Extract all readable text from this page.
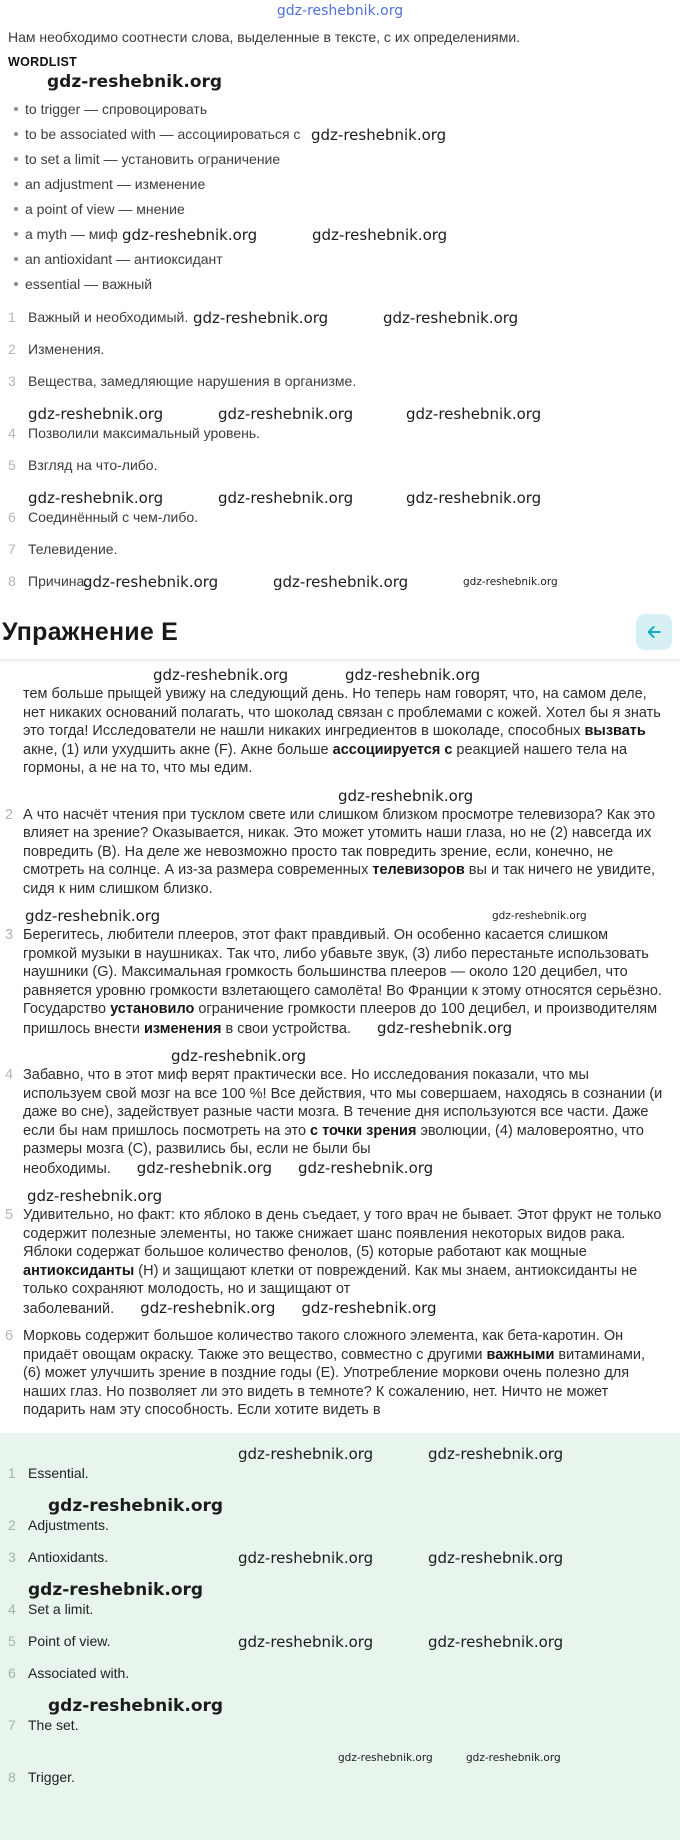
gdz-reshebnik.org

Нам необходимо соотнести слова, выделенные в тексте, с их определениями.

WORDLIST
gdz-reshebnik.org
to trigger — спровоцировать
to be associated with — ассоциироваться с gdz-reshebnik.org
to set a limit — установить ограничение
an adjustment — изменение
a point of view — мнение
a myth — миф gdz-reshebnik.org	gdz-reshebnik.org
an antioxidant — антиоксидант
essential — важный
1 Важный и необходимый. gdz-reshebnik.org	gdz-reshebnik.org
2 Изменения.
3 Вещества, замедляющие нарушения в организме.
gdz-reshebnik.org	gdz-reshebnik.org	gdz-reshebnik.org
4 Позволили максимальный уровень.
5 Взгляд на что-либо.
gdz-reshebnik.org	gdz-reshebnik.org	gdz-reshebnik.org
6 Соединённый с чем-либо.
7 Телевидение.
8 Причина.
gdz-reshebnik.org	gdz-reshebnik.org	gdz-reshebnik.org
Упражнение E
gdz-reshebnik.org	gdz-reshebnik.org
тем больше прыщей увижу на следующий день. Но теперь нам говорят, что, на самом деле, нет никаких оснований полагать, что шоколад связан с проблемами с кожей. Хотел бы я знать это тогда! Исследователи не нашли никаких ингредиентов в шоколаде, способных вызвать акне, (1) или ухудшить акне (F). Акне больше ассоциируется с реакцией нашего тела на гормоны, а не на то, что мы едим.
gdz-reshebnik.org
2 А что насчёт чтения при тусклом свете или слишком близком просмотре телевизора? Как это влияет на зрение? Оказывается, никак. Это может утомить наши глаза, но не (2) навсегда их повредить (B). На деле же невозможно просто так повредить зрение, если, конечно, не смотреть на солнце. А из-за размера современных телевизоров вы и так ничего не увидите, сидя к ним слишком близко.
gdz-reshebnik.org	gdz-reshebnik.org
3 Берегитесь, любители плееров, этот факт правдивый. Он особенно касается слишком громкой музыки в наушниках. Так что, либо убавьте звук, (3) либо перестаньте использовать наушники (G). Максимальная громкость большинства плееров — около 120 децибел, что равняется уровню громкости взлетающего самолёта! Во Франции к этому относятся серьёзно. Государство установило ограничение громкости плееров до 100 децибел, и производителям пришлось внести изменения в свои устройства. gdz-reshebnik.org
gdz-reshebnik.org
4 Забавно, что в этот миф верят практически все. Но исследования показали, что мы используем свой мозг на все 100 %! Все действия, что мы совершаем, находясь в сознании (и даже во сне), задействует разные части мозга. В течение дня используются все части. Даже если бы нам пришлось посмотреть на это с точки зрения эволюции, (4) маловероятно, что размеры мозга (C), развились бы, если не были бы необходимы. gdz-reshebnik.org gdz-reshebnik.org
gdz-reshebnik.org
5 Удивительно, но факт: кто яблоко в день съедает, у того врач не бывает. Этот фрукт не только содержит полезные элементы, но также снижает шанс появления некоторых видов рака. Яблоки содержат большое количество фенолов, (5) которые работают как мощные антиоксиданты (H) и защищают клетки от повреждений. Как мы знаем, антиоксиданты не только сохраняют молодость, но и защищают от заболеваний. gdz-reshebnik.org gdz-reshebnik.org
6 Морковь содержит большое количество такого сложного элемента, как бета-каротин. Он придаёт овощам окраску. Также это вещество, совместно с другими важными витаминами, (6) может улучшить зрение в поздние годы (E). Употребление моркови очень полезно для наших глаз. Но позволяет ли это видеть в темноте? К сожалению, нет. Ничто не может подарить нам эту способность. Если хотите видеть в
gdz-reshebnik.org	gdz-reshebnik.org
1 Essential.
gdz-reshebnik.org
2 Adjustments.
3 Antioxidants.	gdz-reshebnik.org	gdz-reshebnik.org
gdz-reshebnik.org
4 Set a limit.
5 Point of view.	gdz-reshebnik.org	gdz-reshebnik.org
6 Associated with.
gdz-reshebnik.org
7 The set.
gdz-reshebnik.org	gdz-reshebnik.org
8 Trigger.
